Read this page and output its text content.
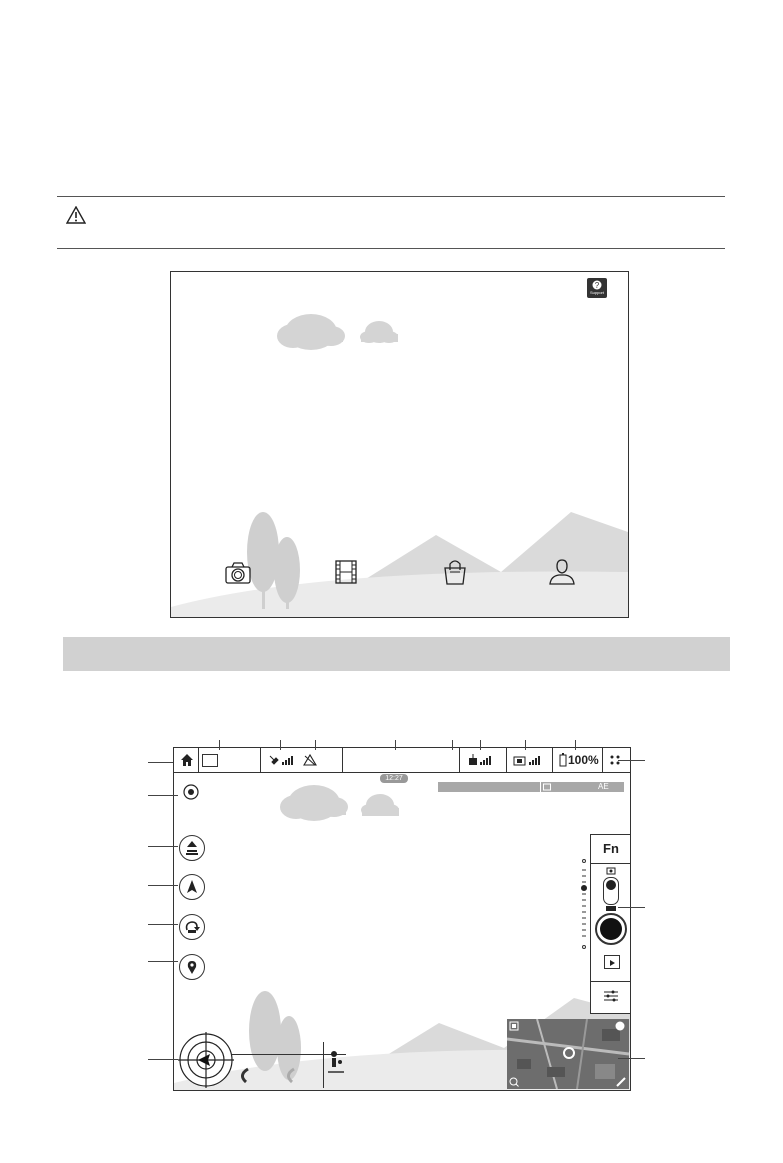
?
Support
100%
12:27
AE
Fn
